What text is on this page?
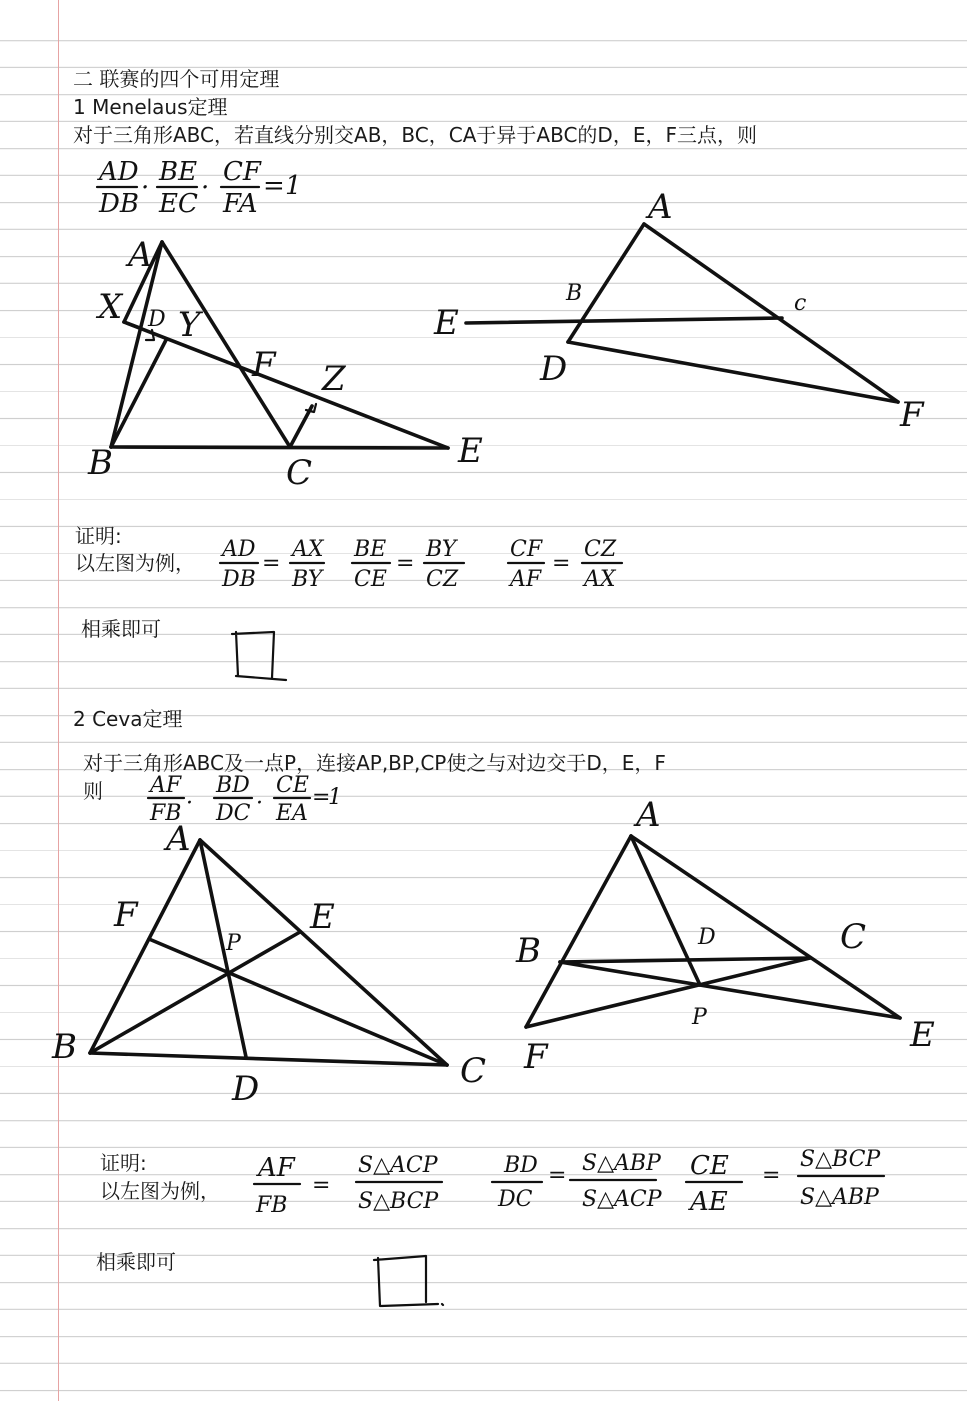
二 联赛的四个可用定理
1 Menelaus定理
对于三角形ABC，若直线分别交AB，BC，CA于异于ABC的D，E，F三点，则
AD
DB
·
BE
EC
·
CF
FA
= 1
A
B	C
D
E
F
X Y
Z
A
B	c
D
E
F
证明:
以左图为例，
AD
DB
=
AX
BY
BE
CE
=
BY
CZ
CF
AF
=
CZ
AX
相乘即可
2 Ceva定理
对于三角形ABC及一点P，连接AP,BP,CP使之与对边交于D，E，F
则 AF
FB ·
BD
DC ·
CE
EA
=
1
A
B
C
D
E
F
P
A
B	C
D
E
F
P
证明:
以左图为例，
AF
FB
=
S△ACP
S△BCP
BD
DC
= S△ABP
S△ACP
CE
AE
=
S△BCP
S△ABP
相乘即可
